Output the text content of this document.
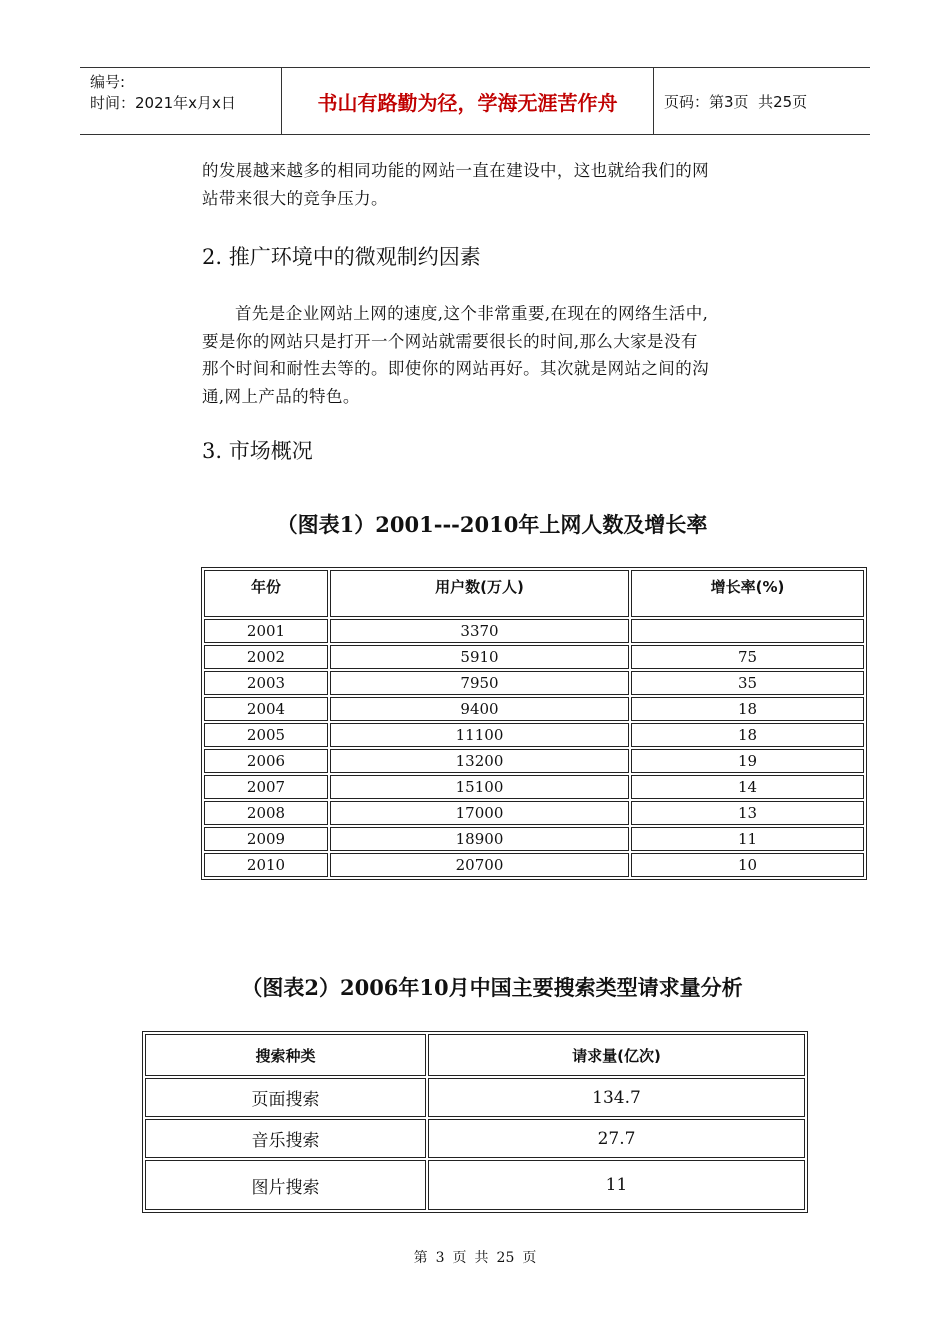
编号:
时间：2021年x月x日	书山有路勤为径，学海无涯苦作舟	页码：第3页  共25页

的发展越来越多的相同功能的网站一直在建设中，这也就给我们的网

站带来很大的竞争压力。

2. 推广环境中的微观制约因素

首先是企业网站上网的速度,这个非常重要,在现在的网络生活中,

要是你的网站只是打开一个网站就需要很长的时间,那么大家是没有

那个时间和耐性去等的。即使你的网站再好。其次就是网站之间的沟

通,网上产品的特色。

3. 市场概况
（图表1）2001---2010年上网人数及增长率
年份	用户数(万人)	增长率(%)
2001	3370	
2002	5910	75
2003	7950	35
2004	9400	18
2005	11100	18
2006	13200	19
2007	15100	14
2008	17000	13
2009	18900	11
2010	20700	10
（图表2）2006年10月中国主要搜索类型请求量分析
搜索种类	请求量(亿次)
页面搜索	134.7
音乐搜索	27.7
图片搜索	11
第 3 页 共 25 页
